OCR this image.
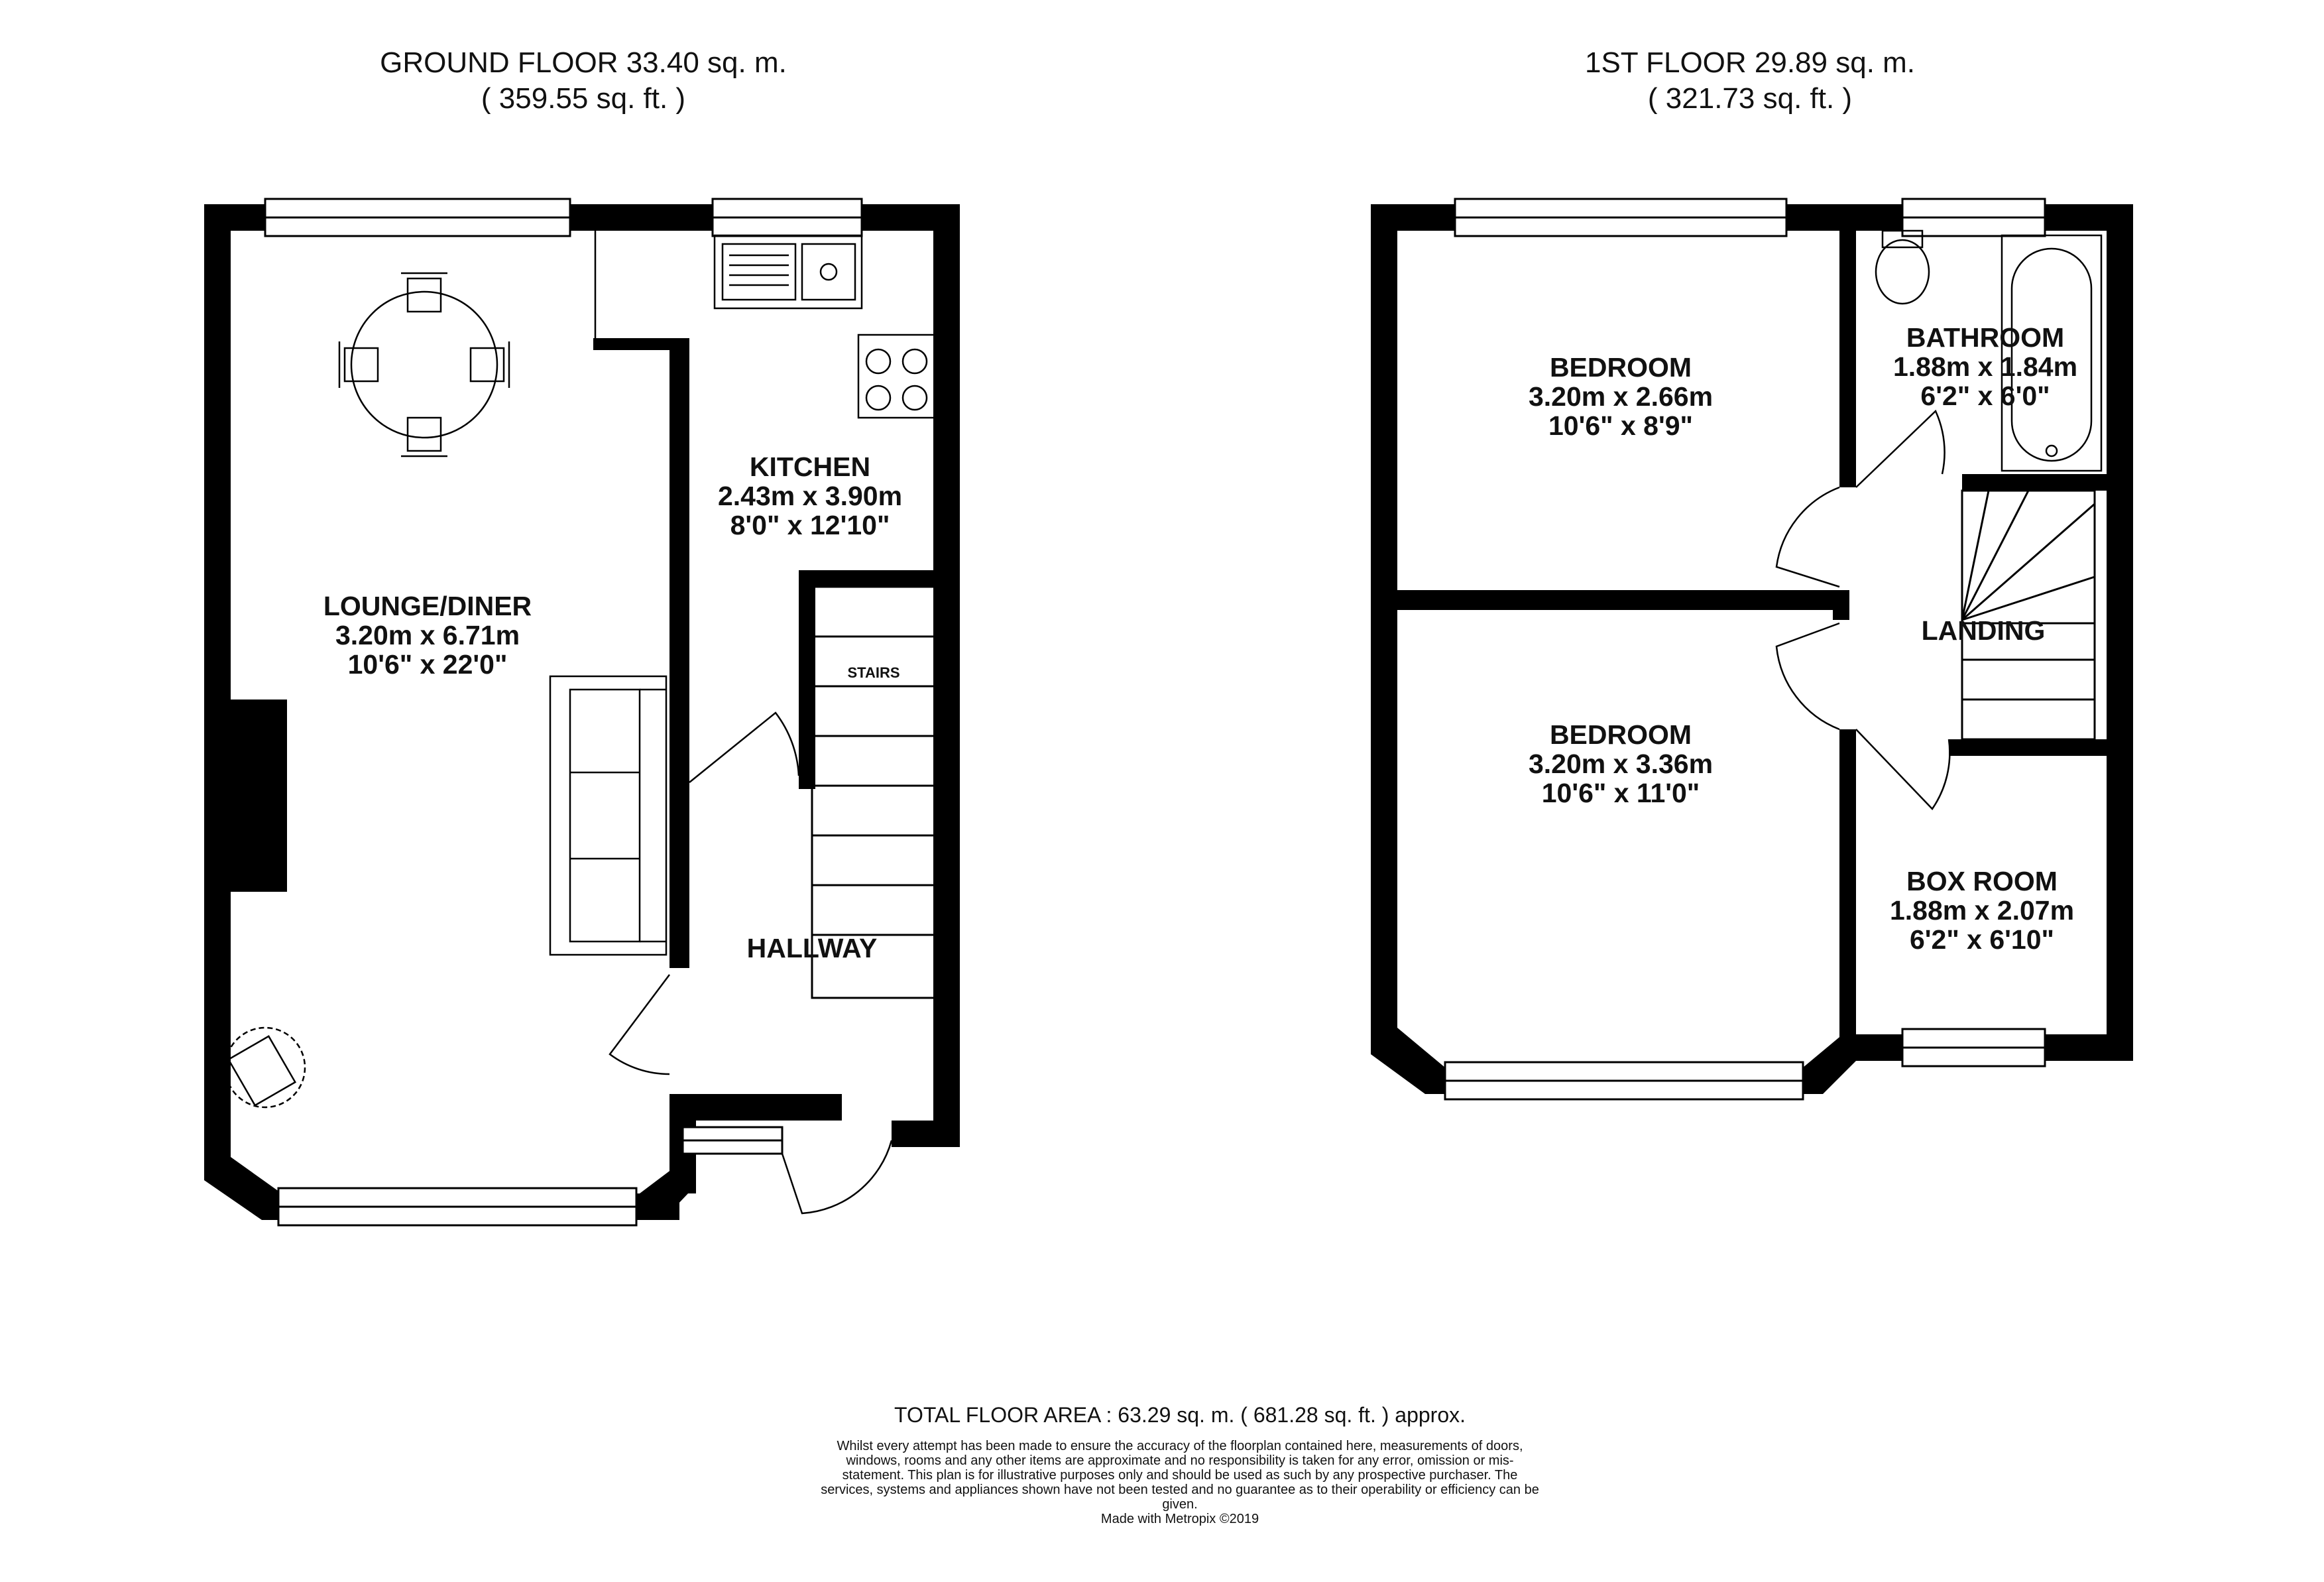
GROUND FLOOR 33.40 sq. m.
( 359.55 sq. ft. )
1ST FLOOR 29.89 sq. m.
( 321.73 sq. ft. )
LOUNGE/DINER
3.20m x 6.71m
10'6" x 22'0"
KITCHEN
2.43m x 3.90m
8'0" x 12'10"
HALLWAY
STAIRS
BEDROOM
3.20m x 2.66m
10'6" x 8'9"
BATHROOM
1.88m x 1.84m
6'2" x 6'0"
LANDING
BEDROOM
3.20m x 3.36m
10'6" x 11'0"
BOX ROOM
1.88m x 2.07m
6'2" x 6'10"
TOTAL FLOOR AREA : 63.29 sq. m. ( 681.28 sq. ft. ) approx.
Whilst every attempt has been made to ensure the accuracy of the floorplan contained here, measurements of doors, windows, rooms and any other items are approximate and no responsibility is taken for any error, omission or mis-statement. This plan is for illustrative purposes only and should be used as such by any prospective purchaser. The services, systems and appliances shown have not been tested and no guarantee as to their operability or efficiency can be given.
Made with Metropix ©2019
